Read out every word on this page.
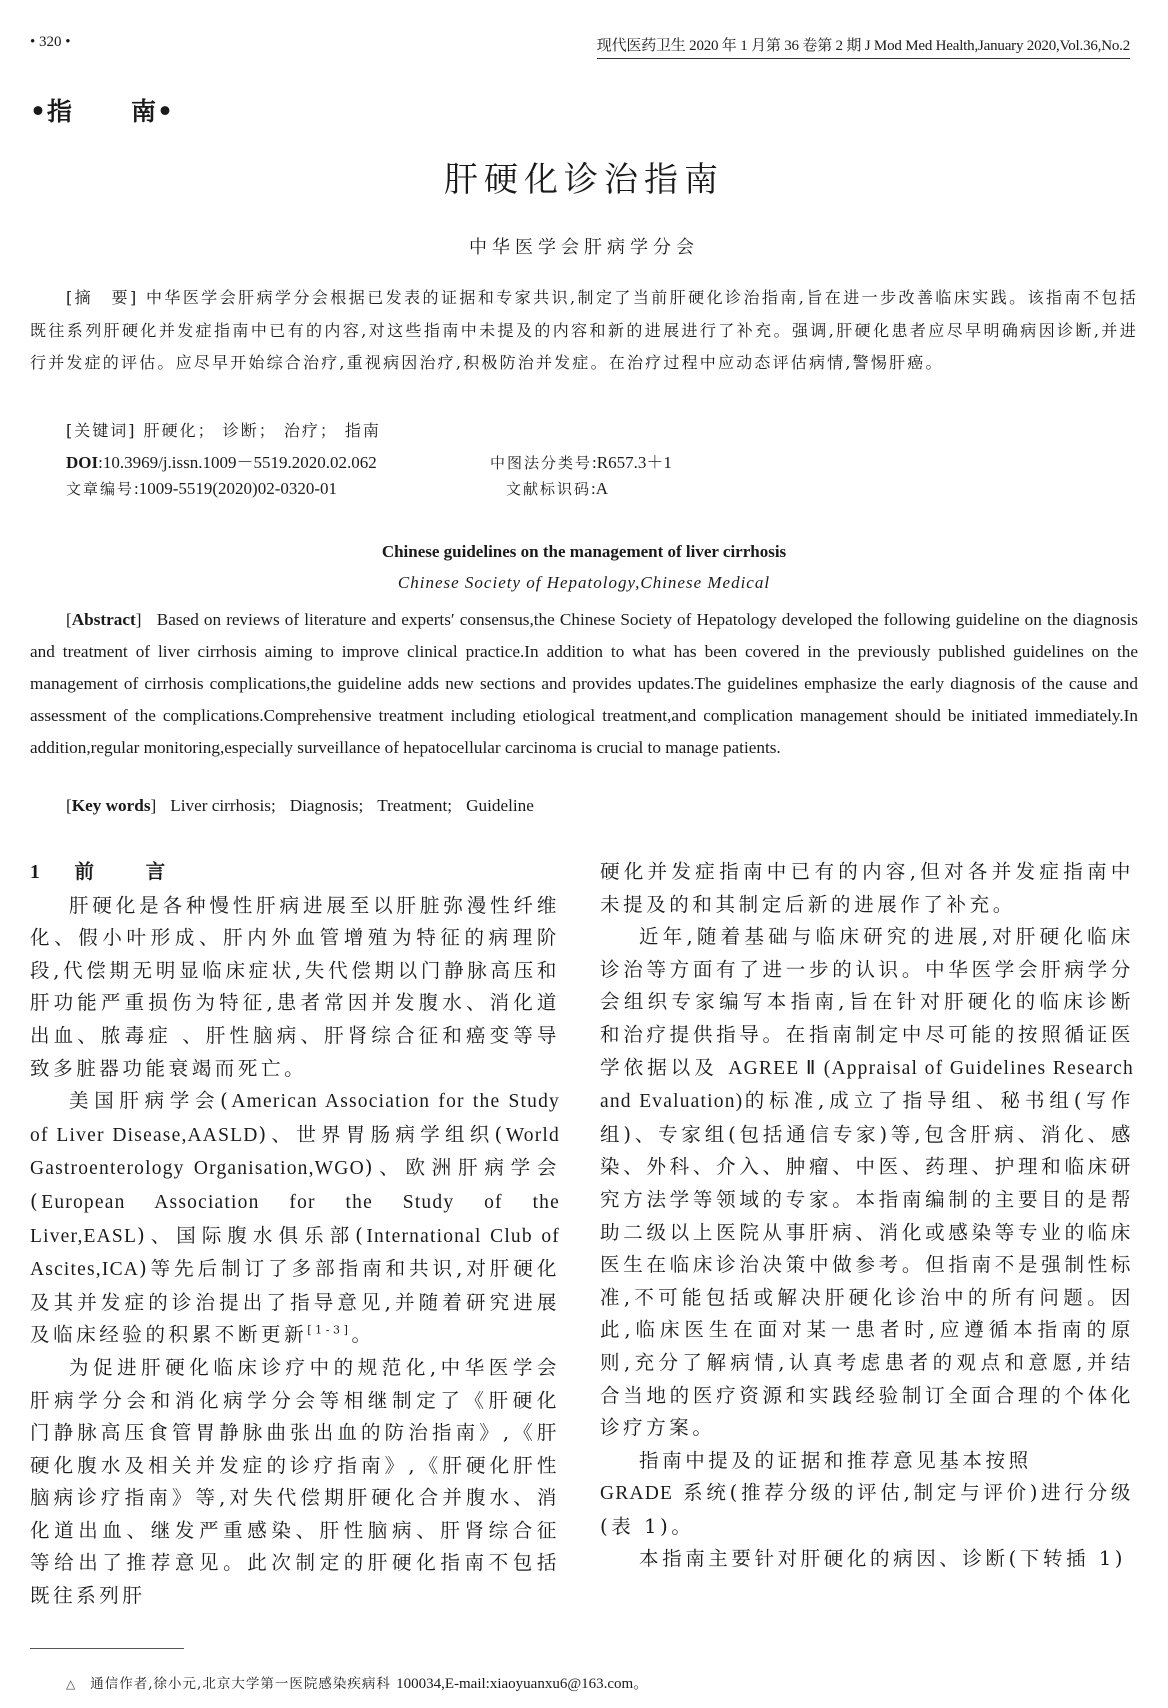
• 320 •	现代医药卫生 2020 年 1 月第 36 卷第 2 期 J Mod Med Health,January 2020,Vol.36,No.2
•指 南•
肝硬化诊治指南
中华医学会肝病学分会
[摘　要] 中华医学会肝病学分会根据已发表的证据和专家共识,制定了当前肝硬化诊治指南,旨在进一步改善临床实践。该指南不包括既往系列肝硬化并发症指南中已有的内容,对这些指南中未提及的内容和新的进展进行了补充。强调,肝硬化患者应尽早明确病因诊断,并进行并发症的评估。应尽早开始综合治疗,重视病因治疗,积极防治并发症。在治疗过程中应动态评估病情,警惕肝癌。
[关键词] 肝硬化； 诊断； 治疗； 指南
DOI:10.3969/j.issn.1009－5519.2020.02.062	中图法分类号:R657.3＋1
文章编号:1009-5519(2020)02-0320-01	文献标识码:A
Chinese guidelines on the management of liver cirrhosis
Chinese Society of Hepatology,Chinese Medical
[Abstract]   Based on reviews of literature and experts′ consensus,the Chinese Society of Hepatology developed the following guideline on the diagnosis and treatment of liver cirrhosis aiming to improve clinical practice.In addition to what has been covered in the previously published guidelines on the management of cirrhosis complications,the guideline adds new sections and provides updates.The guidelines emphasize the early diagnosis of the cause and assessment of the complications.Comprehensive treatment including etiological treatment,and complication management should be initiated immediately.In addition,regular monitoring,especially surveillance of hepatocellular carcinoma is crucial to manage patients.
[Key words] Liver cirrhosis; Diagnosis; Treatment; Guideline

1 前 言

肝硬化是各种慢性肝病进展至以肝脏弥漫性纤维化、假小叶形成、肝内外血管增殖为特征的病理阶段,代偿期无明显临床症状,失代偿期以门静脉高压和肝功能严重损伤为特征,患者常因并发腹水、消化道出血、脓毒症 、肝性脑病、肝肾综合征和癌变等导致多脏器功能衰竭而死亡。

美国肝病学会(American Association for the Study of Liver Disease,AASLD)、世界胃肠病学组织(World Gastroenterology Organisation,WGO)、欧洲肝病学会(European Association for the Study of the Liver,EASL)、国际腹水俱乐部(International Club of Ascites,ICA)等先后制订了多部指南和共识,对肝硬化及其并发症的诊治提出了指导意见,并随着研究进展及临床经验的积累不断更新[1-3]。

为促进肝硬化临床诊疗中的规范化,中华医学会肝病学分会和消化病学分会等相继制定了《肝硬化门静脉高压食管胃静脉曲张出血的防治指南》,《肝硬化腹水及相关并发症的诊疗指南》,《肝硬化肝性脑病诊疗指南》等,对失代偿期肝硬化合并腹水、消化道出血、继发严重感染、肝性脑病、肝肾综合征等给出了推荐意见。此次制定的肝硬化指南不包括既往系列肝

硬化并发症指南中已有的内容,但对各并发症指南中未提及的和其制定后新的进展作了补充。

近年,随着基础与临床研究的进展,对肝硬化临床诊治等方面有了进一步的认识。中华医学会肝病学分会组织专家编写本指南,旨在针对肝硬化的临床诊断和治疗提供指导。在指南制定中尽可能的按照循证医学依据以及 AGREE Ⅱ (Appraisal of Guidelines Research and Evaluation)的标准,成立了指导组、秘书组(写作组)、专家组(包括通信专家)等,包含肝病、消化、感染、外科、介入、肿瘤、中医、药理、护理和临床研究方法学等领域的专家。本指南编制的主要目的是帮助二级以上医院从事肝病、消化或感染等专业的临床医生在临床诊治决策中做参考。但指南不是强制性标准,不可能包括或解决肝硬化诊治中的所有问题。因此,临床医生在面对某一患者时,应遵循本指南的原则,充分了解病情,认真考虑患者的观点和意愿,并结合当地的医疗资源和实践经验制订全面合理的个体化诊疗方案。

指南中提及的证据和推荐意见基本按照
GRADE 系统(推荐分级的评估,制定与评价)进行分级(表 1)。

本指南主要针对肝硬化的病因、诊断(下转插 1)

△ 通信作者,徐小元,北京大学第一医院感染疾病科 100034,E-mail:xiaoyuanxu6@163.com。
